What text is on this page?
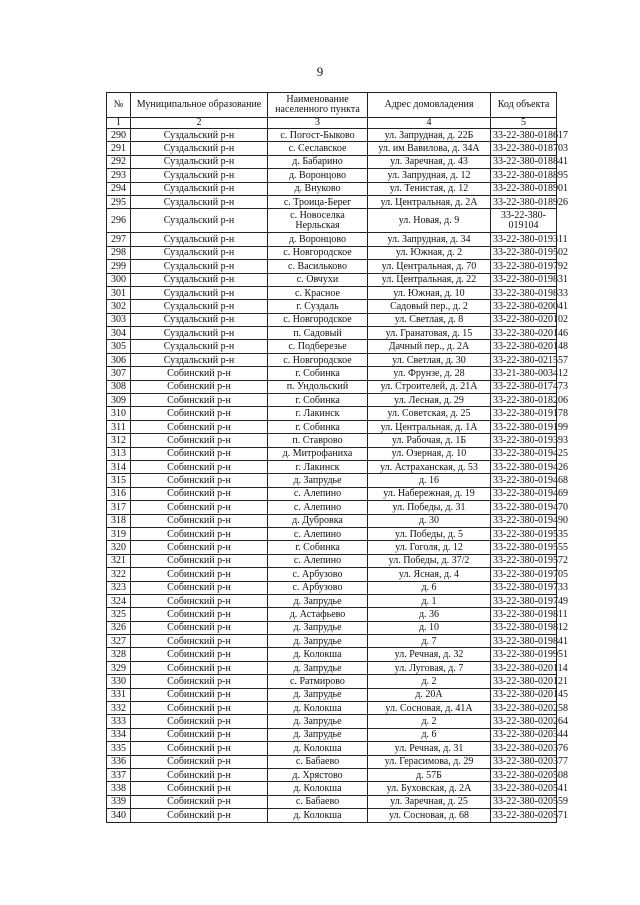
9
№	Муниципальное образование	Наименование населенного пункта	Адрес домовладения	Код объекта
1	2	3	4	5
290	Суздальский р-н	с. Погост-Быково	ул. Запрудная, д. 22Б	33-22-380-018617
291	Суздальский р-н	с. Сеславское	ул. им Вавилова, д. 34А	33-22-380-018703
292	Суздальский р-н	д. Бабарино	ул. Заречная, д. 43	33-22-380-018841
293	Суздальский р-н	д. Воронцово	ул. Запрудная, д. 12	33-22-380-018895
294	Суздальский р-н	д. Внуково	ул. Тенистая, д. 12	33-22-380-018901
295	Суздальский р-н	с. Троица-Берег	ул. Центральная, д. 2А	33-22-380-018926
296	Суздальский р-н	с. Новоселка Нерльская	ул. Новая, д. 9	33-22-380-019104
297	Суздальский р-н	д. Воронцово	ул. Запрудная, д. 34	33-22-380-019311
298	Суздальский р-н	с. Новгородское	ул. Южная, д. 2	33-22-380-019502
299	Суздальский р-н	с. Васильково	ул. Центральная, д. 70	33-22-380-019792
300	Суздальский р-н	с. Овчухи	ул. Центральная, д. 22	33-22-380-019831
301	Суздальский р-н	с. Красное	ул. Южная, д. 10	33-22-380-019833
302	Суздальский р-н	г. Суздаль	Садовый пер., д. 2	33-22-380-020041
303	Суздальский р-н	с. Новгородское	ул. Светлая, д. 8	33-22-380-020102
304	Суздальский р-н	п. Садовый	ул. Гранатовая, д. 15	33-22-380-020146
305	Суздальский р-н	с. Подберезье	Дачный пер., д. 2А	33-22-380-020148
306	Суздальский р-н	с. Новгородское	ул. Светлая, д. 30	33-22-380-021557
307	Собинский р-н	г. Собинка	ул. Фрунзе, д. 28	33-21-380-003412
308	Собинский р-н	п. Ундольский	ул. Строителей, д. 21А	33-22-380-017473
309	Собинский р-н	г. Собинка	ул. Лесная, д. 29	33-22-380-018206
310	Собинский р-н	г. Лакинск	ул. Советская, д. 25	33-22-380-019178
311	Собинский р-н	г. Собинка	ул. Центральная, д. 1А	33-22-380-019199
312	Собинский р-н	п. Ставрово	ул. Рабочая, д. 1Б	33-22-380-019393
313	Собинский р-н	д. Митрофаниха	ул. Озерная, д. 10	33-22-380-019425
314	Собинский р-н	г. Лакинск	ул. Астраханская, д. 53	33-22-380-019426
315	Собинский р-н	д. Запрудье	д. 16	33-22-380-019468
316	Собинский р-н	с. Алепино	ул. Набережная, д. 19	33-22-380-019469
317	Собинский р-н	с. Алепино	ул. Победы, д. 31	33-22-380-019470
318	Собинский р-н	д. Дубровка	д. 30	33-22-380-019490
319	Собинский р-н	с. Алепино	ул. Победы, д. 5	33-22-380-019535
320	Собинский р-н	г. Собинка	ул. Гоголя, д. 12	33-22-380-019555
321	Собинский р-н	с. Алепино	ул. Победы, д. 37/2	33-22-380-019572
322	Собинский р-н	с. Арбузово	ул. Ясная, д. 4	33-22-380-019705
323	Собинский р-н	с. Арбузово	д. 6	33-22-380-019733
324	Собинский р-н	д. Запрудье	д. 1	33-22-380-019749
325	Собинский р-н	д. Астафьево	д. 36	33-22-380-019811
326	Собинский р-н	д. Запрудье	д. 10	33-22-380-019812
327	Собинский р-н	д. Запрудье	д. 7	33-22-380-019841
328	Собинский р-н	д. Колокша	ул. Речная, д. 32	33-22-380-019951
329	Собинский р-н	д. Запрудье	ул. Луговая, д. 7	33-22-380-020114
330	Собинский р-н	с. Ратмирово	д. 2	33-22-380-020121
331	Собинский р-н	д. Запрудье	д. 20А	33-22-380-020145
332	Собинский р-н	д. Колокша	ул. Сосновая, д. 41А	33-22-380-020258
333	Собинский р-н	д. Запрудье	д. 2	33-22-380-020264
334	Собинский р-н	д. Запрудье	д. 6	33-22-380-020344
335	Собинский р-н	д. Колокша	ул. Речная, д. 31	33-22-380-020376
336	Собинский р-н	с. Бабаево	ул. Герасимова, д. 29	33-22-380-020377
337	Собинский р-н	д. Хрястово	д. 57Б	33-22-380-020508
338	Собинский р-н	д. Колокша	ул. Буховская, д. 2А	33-22-380-020541
339	Собинский р-н	с. Бабаево	ул. Заречная, д. 25	33-22-380-020559
340	Собинский р-н	д. Колокша	ул. Сосновая, д. 68	33-22-380-020571
